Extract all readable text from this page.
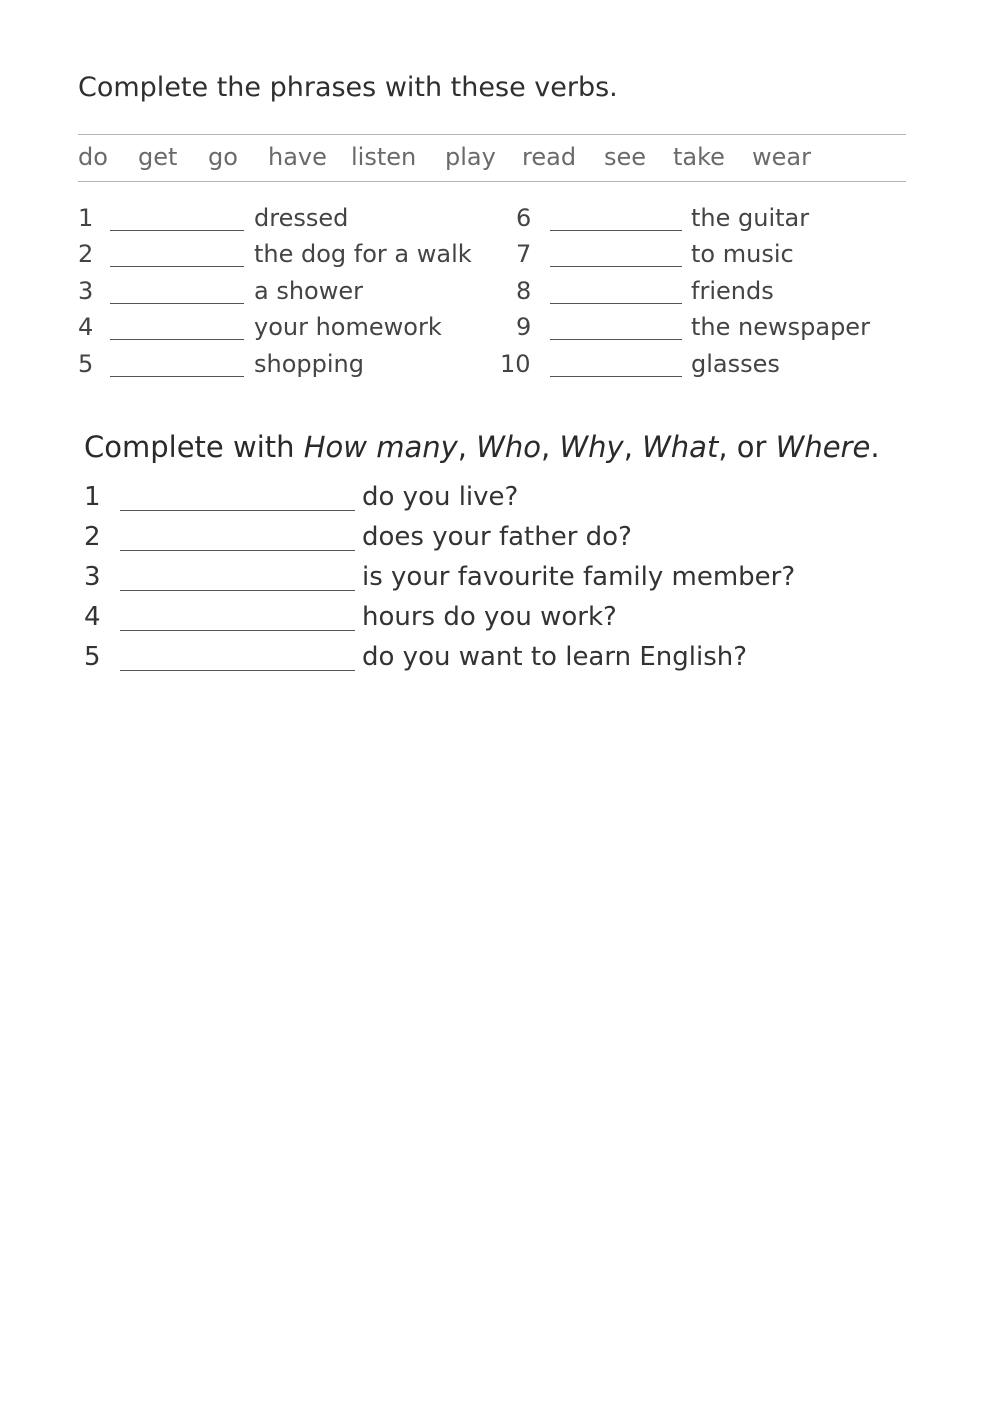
Complete the phrases with these verbs.
do get go have listen play read see take wear
1	dressed
2	the dog for a walk
3	a shower
4	your homework
5	shopping
6	the guitar
7	to music
8	friends
9	the newspaper
10	glasses
Complete with How many, Who, Why, What, or Where.
1	do you live?
2	does your father do?
3	is your favourite family member?
4	hours do you work?
5	do you want to learn English?
